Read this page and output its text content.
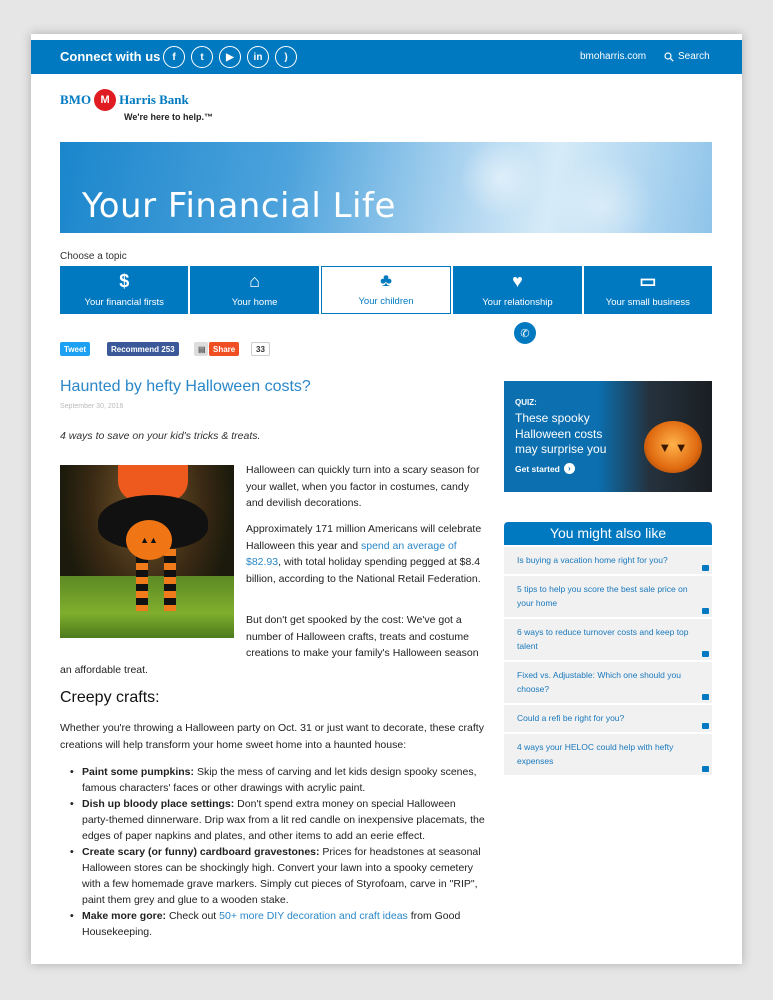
Connect with us f t ▶ in )	bmoharris.com	Search
BMO M Harris Bank
We're here to help.™
Your Financial Life
Choose a topic
$
Your financial firsts
⌂
Your home
♣
Your children
♥
Your relationship
▭
Your small business
✆
Tweet	Recommend
253	▤ Share	33
Haunted by hefty Halloween costs?
September 30, 2016
4 ways to save on your kid's tricks & treats.
▲▲

Halloween can quickly turn into a scary season for your wallet, when you factor in costumes, candy and devilish decorations.

Approximately 171 million Americans will celebrate Halloween this year and spend an average of $82.93, with total holiday spending pegged at $8.4 billion, according to the National Retail Federation.

But don't get spooked by the cost: We've got a number of Halloween crafts, treats and costume creations to make your family's Halloween season

an affordable treat.

Creepy crafts:

Whether you're throwing a Halloween party on Oct. 31 or just want to decorate, these crafty creations will help transform your home sweet home into a haunted house:

• Paint some pumpkins: Skip the mess of carving and let kids design spooky scenes, famous characters' faces or other drawings with acrylic paint.
• Dish up bloody place settings: Don't spend extra money on special Halloween party-themed dinnerware. Drip wax from a lit red candle on inexpensive placemats, the edges of paper napkins and plates, and other items to add an eerie effect.
• Create scary (or funny) cardboard gravestones: Prices for headstones at seasonal Halloween stores can be shockingly high. Convert your lawn into a spooky cemetery with a few homemade grave markers. Simply cut pieces of Styrofoam, carve in "RIP", paint them grey and glue to a wooden stake.
• Make more gore: Check out 50+ more DIY decoration and craft ideas from Good Housekeeping.
▼ ▼
QUIZ:
These spooky Halloween costs may surprise you
Get started	›
You might also like
Is buying a vacation home right for you?
5 tips to help you score the best sale price on your home
6 ways to reduce turnover costs and keep top talent
Fixed vs. Adjustable: Which one should you choose?
Could a refi be right for you?
4 ways your HELOC could help with hefty expenses
